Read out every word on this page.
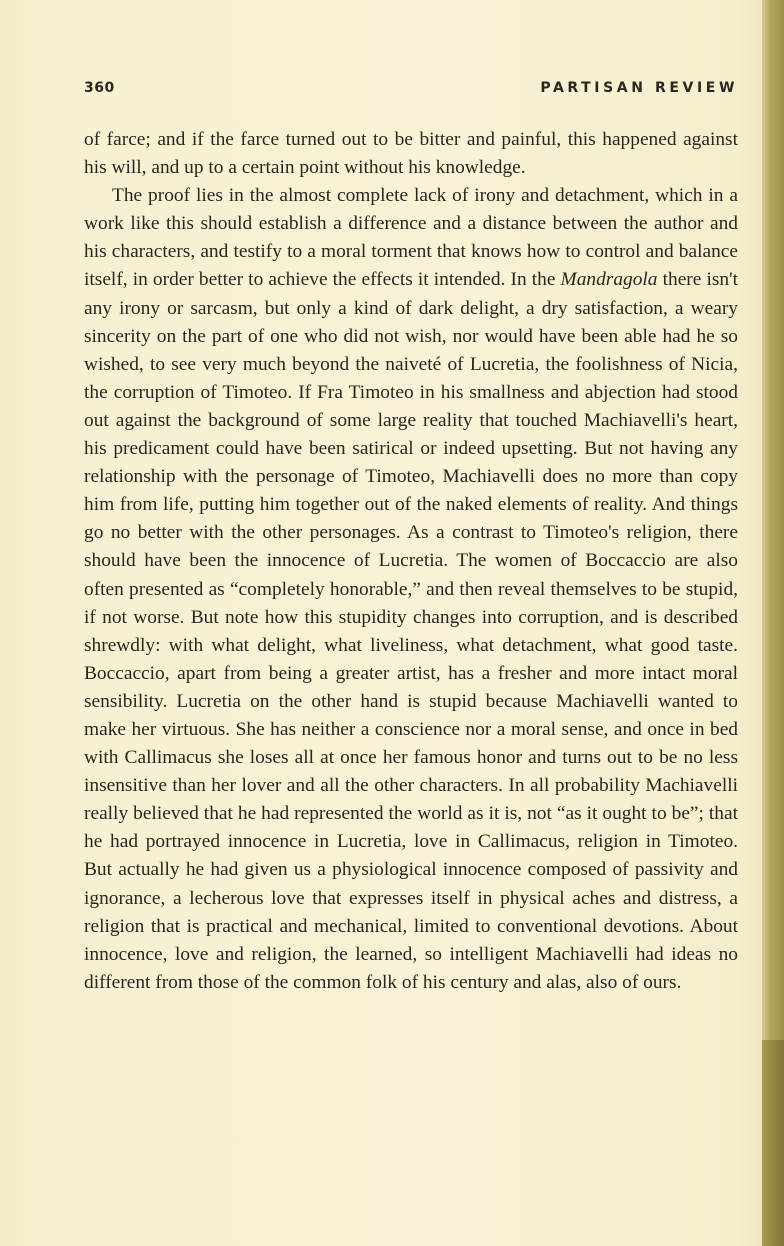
360	PARTISAN REVIEW

of farce; and if the farce turned out to be bitter and painful, this happened against his will, and up to a certain point without his knowledge.

The proof lies in the almost complete lack of irony and detachment, which in a work like this should establish a difference and a distance between the author and his characters, and testify to a moral torment that knows how to control and balance itself, in order better to achieve the effects it intended. In the Mandragola there isn't any irony or sarcasm, but only a kind of dark delight, a dry satisfaction, a weary sincerity on the part of one who did not wish, nor would have been able had he so wished, to see very much beyond the naiveté of Lucretia, the foolishness of Nicia, the corruption of Timoteo. If Fra Timoteo in his smallness and abjection had stood out against the background of some large reality that touched Machiavelli's heart, his predicament could have been satirical or indeed upsetting. But not having any relationship with the personage of Timoteo, Machiavelli does no more than copy him from life, putting him together out of the naked elements of reality. And things go no better with the other personages. As a contrast to Timoteo's religion, there should have been the innocence of Lucretia. The women of Boccaccio are also often presented as “completely honorable,” and then reveal themselves to be stupid, if not worse. But note how this stupidity changes into corruption, and is described shrewdly: with what delight, what liveliness, what detachment, what good taste. Boccaccio, apart from being a greater artist, has a fresher and more intact moral sensibility. Lucretia on the other hand is stupid because Machiavelli wanted to make her virtuous. She has neither a conscience nor a moral sense, and once in bed with Callimacus she loses all at once her famous honor and turns out to be no less insensitive than her lover and all the other characters. In all probability Machiavelli really believed that he had represented the world as it is, not “as it ought to be”; that he had portrayed innocence in Lucretia, love in Callimacus, religion in Timoteo. But actually he had given us a physiological innocence composed of passivity and ignorance, a lecherous love that expresses itself in physical aches and distress, a religion that is practical and mechanical, limited to conventional devotions. About innocence, love and religion, the learned, so intelligent Machiavelli had ideas no different from those of the common folk of his century and alas, also of ours.
